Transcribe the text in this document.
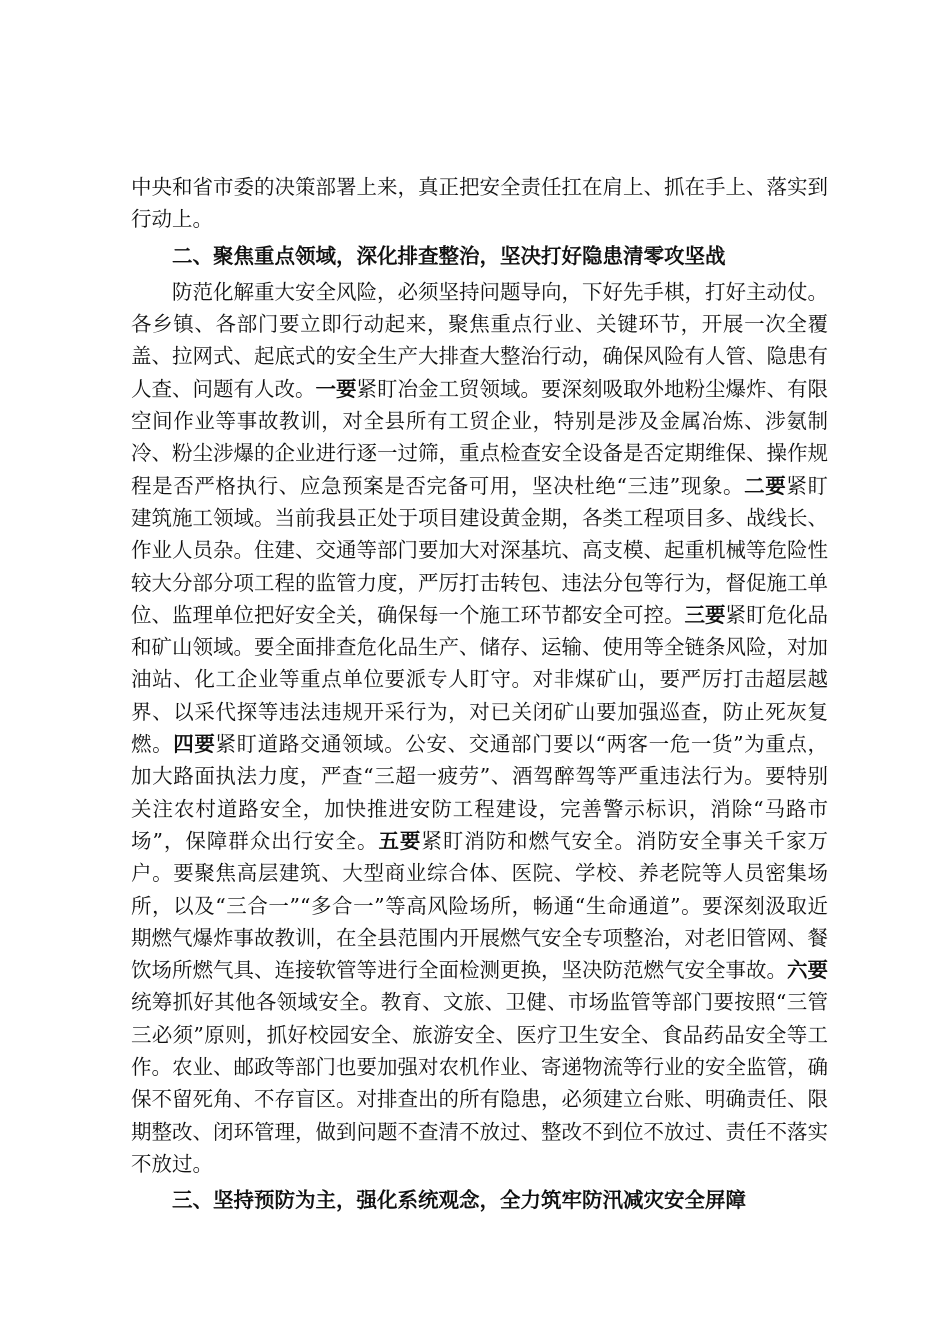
中央和省市委的决策部署上来，真正把安全责任扛在肩上、抓在手上、落实到行动上。

二、聚焦重点领域，深化排查整治，坚决打好隐患清零攻坚战

防范化解重大安全风险，必须坚持问题导向，下好先手棋，打好主动仗。各乡镇、各部门要立即行动起来，聚焦重点行业、关键环节，开展一次全覆盖、拉网式、起底式的安全生产大排查大整治行动，确保风险有人管、隐患有人查、问题有人改。一要紧盯冶金工贸领域。要深刻吸取外地粉尘爆炸、有限空间作业等事故教训，对全县所有工贸企业，特别是涉及金属冶炼、涉氨制冷、粉尘涉爆的企业进行逐一过筛，重点检查安全设备是否定期维保、操作规程是否严格执行、应急预案是否完备可用，坚决杜绝“三违”现象。二要紧盯建筑施工领域。当前我县正处于项目建设黄金期，各类工程项目多、战线长、作业人员杂。住建、交通等部门要加大对深基坑、高支模、起重机械等危险性较大分部分项工程的监管力度，严厉打击转包、违法分包等行为，督促施工单位、监理单位把好安全关，确保每一个施工环节都安全可控。三要紧盯危化品和矿山领域。要全面排查危化品生产、储存、运输、使用等全链条风险，对加油站、化工企业等重点单位要派专人盯守。对非煤矿山，要严厉打击超层越界、以采代探等违法违规开采行为，对已关闭矿山要加强巡查，防止死灰复燃。四要紧盯道路交通领域。公安、交通部门要以“两客一危一货”为重点，加大路面执法力度，严查“三超一疲劳”、酒驾醉驾等严重违法行为。要特别关注农村道路安全，加快推进安防工程建设，完善警示标识，消除“马路市场”，保障群众出行安全。五要紧盯消防和燃气安全。消防安全事关千家万户。要聚焦高层建筑、大型商业综合体、医院、学校、养老院等人员密集场所，以及“三合一”“多合一”等高风险场所，畅通“生命通道”。要深刻汲取近期燃气爆炸事故教训，在全县范围内开展燃气安全专项整治，对老旧管网、餐饮场所燃气具、连接软管等进行全面检测更换，坚决防范燃气安全事故。六要统筹抓好其他各领域安全。教育、文旅、卫健、市场监管等部门要按照“三管三必须”原则，抓好校园安全、旅游安全、医疗卫生安全、食品药品安全等工作。农业、邮政等部门也要加强对农机作业、寄递物流等行业的安全监管，确保不留死角、不存盲区。对排查出的所有隐患，必须建立台账、明确责任、限期整改、闭环管理，做到问题不查清不放过、整改不到位不放过、责任不落实不放过。

三、坚持预防为主，强化系统观念，全力筑牢防汛减灾安全屏障
